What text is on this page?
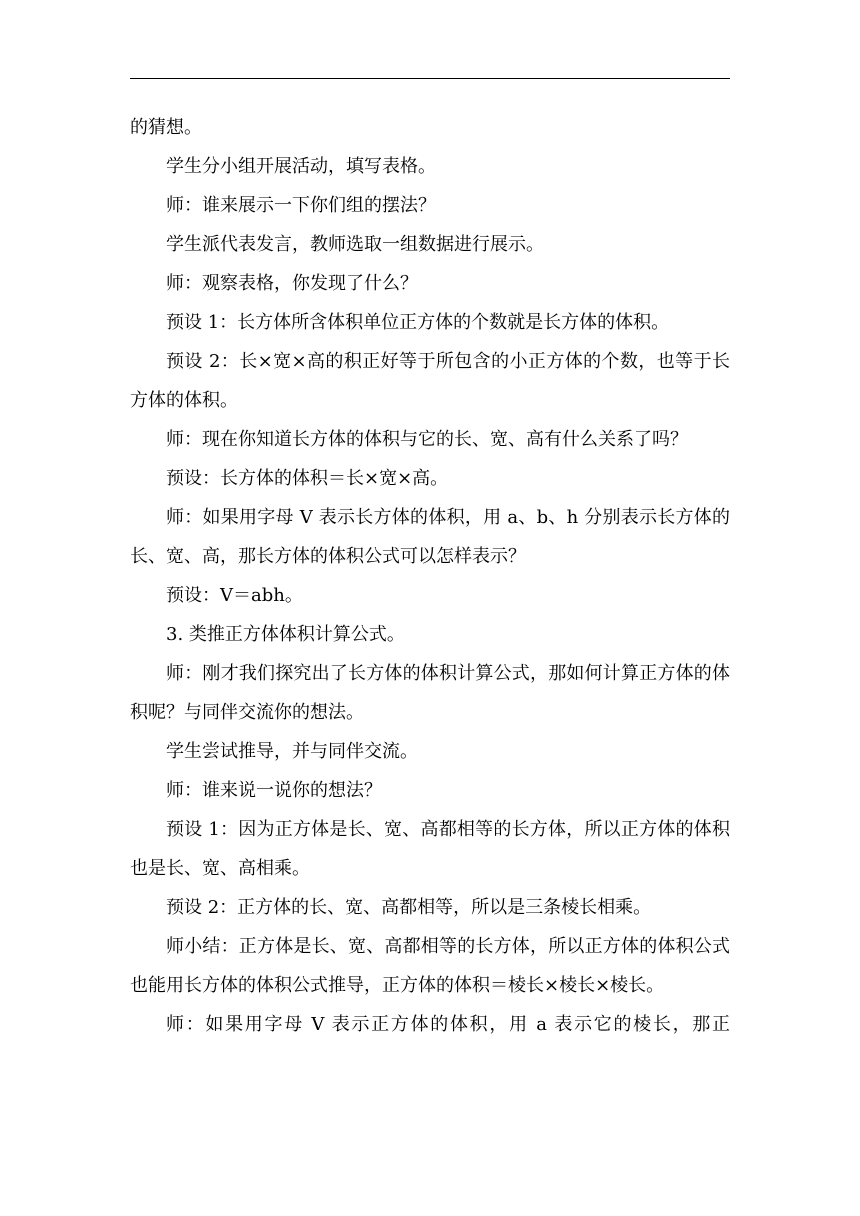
的猜想。

学生分小组开展活动，填写表格。

师：谁来展示一下你们组的摆法？

学生派代表发言，教师选取一组数据进行展示。

师：观察表格，你发现了什么？

预设 1：长方体所含体积单位正方体的个数就是长方体的体积。

预设 2：长×宽×高的积正好等于所包含的小正方体的个数，也等于长方体的体积。

师：现在你知道长方体的体积与它的长、宽、高有什么关系了吗？

预设：长方体的体积＝长×宽×高。

师：如果用字母 V 表示长方体的体积，用 a、b、h 分别表示长方体的长、宽、高，那长方体的体积公式可以怎样表示？

预设：V＝abh。

3. 类推正方体体积计算公式。

师：刚才我们探究出了长方体的体积计算公式，那如何计算正方体的体积呢？与同伴交流你的想法。

学生尝试推导，并与同伴交流。

师：谁来说一说你的想法？

预设 1：因为正方体是长、宽、高都相等的长方体，所以正方体的体积也是长、宽、高相乘。

预设 2：正方体的长、宽、高都相等，所以是三条棱长相乘。

师小结：正方体是长、宽、高都相等的长方体，所以正方体的体积公式也能用长方体的体积公式推导，正方体的体积＝棱长×棱长×棱长。

师：如果用字母 V 表示正方体的体积，用 a 表示它的棱长，那正
